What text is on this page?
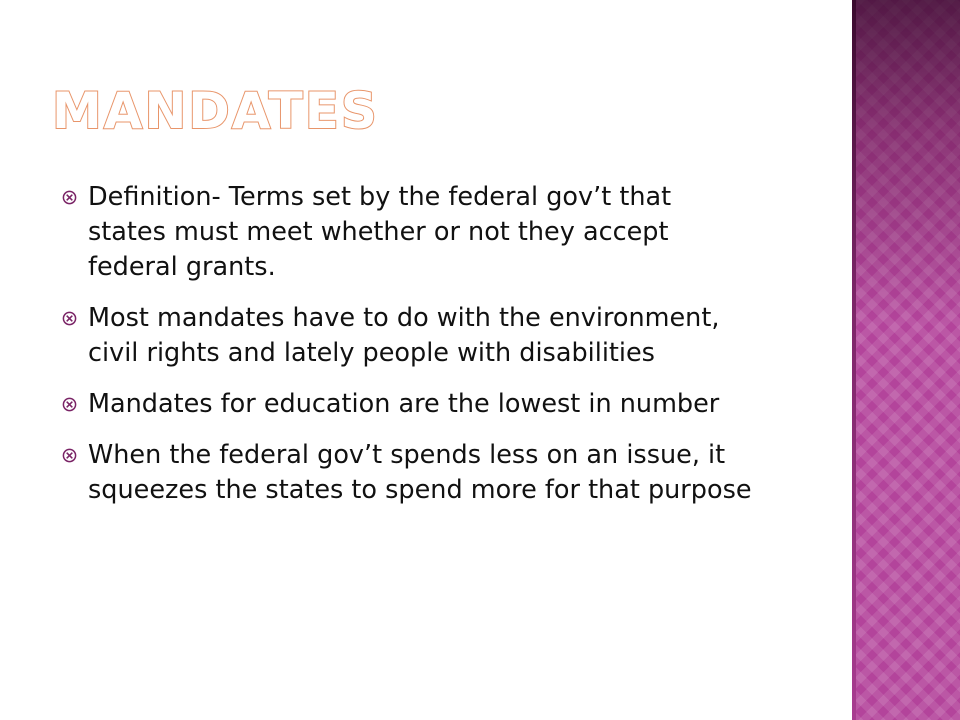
MANDATES
Definition- Terms set by the federal gov’t that states must meet whether or not they accept federal grants.
Most mandates have to do with the environment, civil rights and lately people with disabilities
Mandates for education are the lowest in number
When the federal gov’t spends less on an issue, it squeezes the states to spend more for that purpose
